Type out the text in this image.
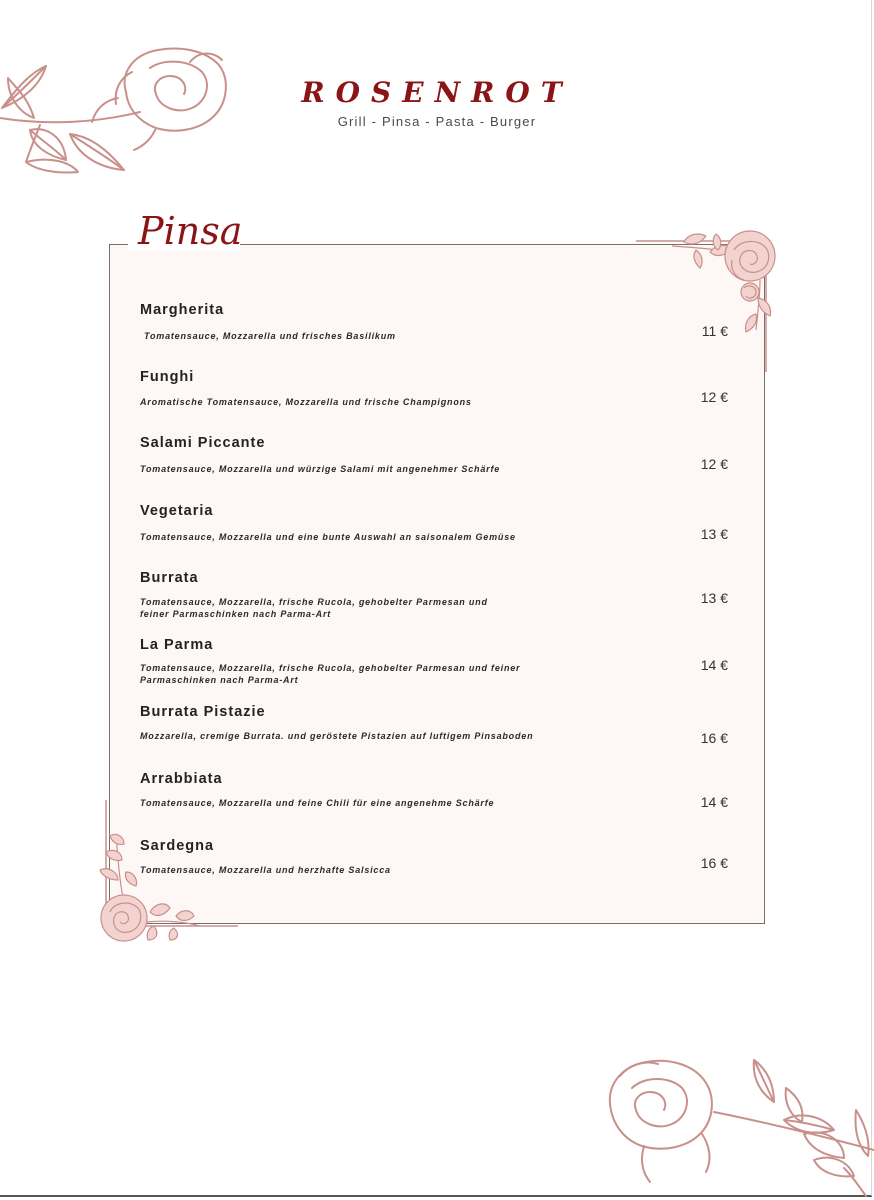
ROSENROT
Grill - Pinsa - Pasta - Burger
Pinsa
Margherita
Tomatensauce, Mozzarella und frisches Basilikum	11 €
Funghi
Aromatische Tomatensauce, Mozzarella und frische Champignons	12 €
Salami Piccante
Tomatensauce, Mozzarella und würzige Salami mit angenehmer Schärfe	12 €
Vegetaria
Tomatensauce, Mozzarella und eine bunte Auswahl an saisonalem Gemüse	13 €
Burrata
Tomatensauce, Mozzarella, frische Rucola, gehobelter Parmesan und
feiner Parmaschinken nach Parma-Art
13 €
La Parma
Tomatensauce, Mozzarella, frische Rucola, gehobelter Parmesan und feiner
Parmaschinken nach Parma-Art
14 €
Burrata Pistazie
Mozzarella, cremige Burrata. und geröstete Pistazien auf luftigem Pinsaboden	16 €
Arrabbiata
Tomatensauce, Mozzarella und feine Chili für eine angenehme Schärfe	14 €
Sardegna
Tomatensauce, Mozzarella und herzhafte Salsicca	16 €
